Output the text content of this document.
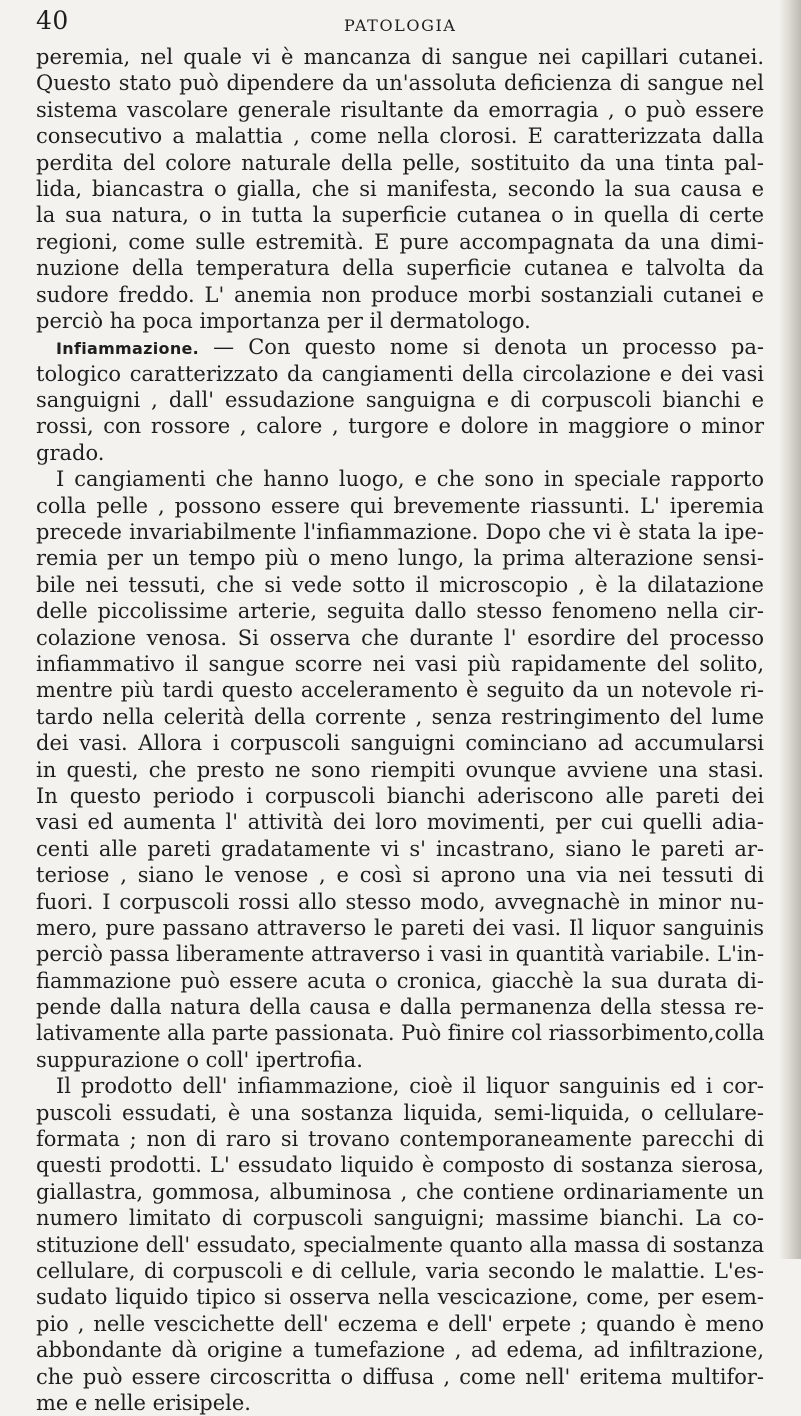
40	PATOLOGIA
peremia, nel quale vi è mancanza di sangue nei capillari cutanei.
Questo stato può dipendere da un'assoluta deficienza di sangue nel
sistema vascolare generale risultante da emorragia , o può essere
consecutivo a malattia , come nella clorosi. E caratterizzata dalla
perdita del colore naturale della pelle, sostituito da una tinta pal-
lida, biancastra o gialla, che si manifesta, secondo la sua causa e
la sua natura, o in tutta la superficie cutanea o in quella di certe
regioni, come sulle estremità. E pure accompagnata da una dimi-
nuzione della temperatura della superficie cutanea e talvolta da
sudore freddo. L' anemia non produce morbi sostanziali cutanei e
perciò ha poca importanza per il dermatologo.
Infiammazione. — Con questo nome si denota un processo pa-
tologico caratterizzato da cangiamenti della circolazione e dei vasi
sanguigni , dall' essudazione sanguigna e di corpuscoli bianchi e
rossi, con rossore , calore , turgore e dolore in maggiore o minor
grado.
I cangiamenti che hanno luogo, e che sono in speciale rapporto
colla pelle , possono essere qui brevemente riassunti. L' iperemia
precede invariabilmente l'infiammazione. Dopo che vi è stata la ipe-
remia per un tempo più o meno lungo, la prima alterazione sensi-
bile nei tessuti, che si vede sotto il microscopio , è la dilatazione
delle piccolissime arterie, seguita dallo stesso fenomeno nella cir-
colazione venosa. Si osserva che durante l' esordire del processo
infiammativo il sangue scorre nei vasi più rapidamente del solito,
mentre più tardi questo acceleramento è seguito da un notevole ri-
tardo nella celerità della corrente , senza restringimento del lume
dei vasi. Allora i corpuscoli sanguigni cominciano ad accumularsi
in questi, che presto ne sono riempiti ovunque avviene una stasi.
In questo periodo i corpuscoli bianchi aderiscono alle pareti dei
vasi ed aumenta l' attività dei loro movimenti, per cui quelli adia-
centi alle pareti gradatamente vi s' incastrano, siano le pareti ar-
teriose , siano le venose , e così si aprono una via nei tessuti di
fuori. I corpuscoli rossi allo stesso modo, avvegnachè in minor nu-
mero, pure passano attraverso le pareti dei vasi. Il liquor sanguinis
perciò passa liberamente attraverso i vasi in quantità variabile. L'in-
fiammazione può essere acuta o cronica, giacchè la sua durata di-
pende dalla natura della causa e dalla permanenza della stessa re-
lativamente alla parte passionata. Può finire col riassorbimento,colla
suppurazione o coll' ipertrofia.
Il prodotto dell' infiammazione, cioè il liquor sanguinis ed i cor-
puscoli essudati, è una sostanza liquida, semi-liquida, o cellulare-
formata ; non di raro si trovano contemporaneamente parecchi di
questi prodotti. L' essudato liquido è composto di sostanza sierosa,
giallastra, gommosa, albuminosa , che contiene ordinariamente un
numero limitato di corpuscoli sanguigni; massime bianchi. La co-
stituzione dell' essudato, specialmente quanto alla massa di sostanza
cellulare, di corpuscoli e di cellule, varia secondo le malattie. L'es-
sudato liquido tipico si osserva nella vescicazione, come, per esem-
pio , nelle vescichette dell' eczema e dell' erpete ; quando è meno
abbondante dà origine a tumefazione , ad edema, ad infiltrazione,
che può essere circoscritta o diffusa , come nell' eritema multifor-
me e nelle erisipele.
